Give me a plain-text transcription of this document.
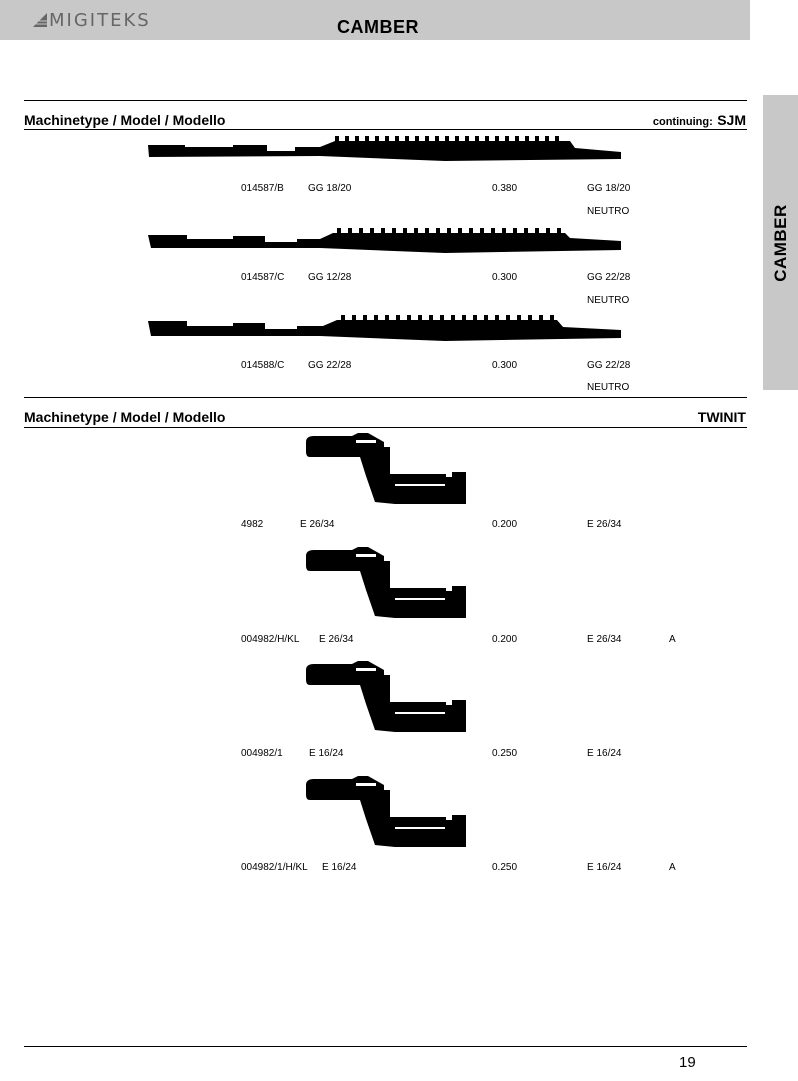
MIGITEKS	CAMBER
CAMBER
Machinetype / Model / Modello	continuing: SJM
014587/B GG 18/20	0.380	GG 18/20
NEUTRO
014587/C GG 12/28	0.300	GG 22/28
NEUTRO
014588/C GG 22/28	0.300	GG 22/28
NEUTRO
Machinetype / Model / Modello	TWINIT
4982	E 26/34	0.200	E 26/34
004982/H/KL E 26/34	0.200	E 26/34	A
004982/1	E 16/24	0.250	E 16/24
004982/1/H/KL E 16/24	0.250	E 16/24	A
19
